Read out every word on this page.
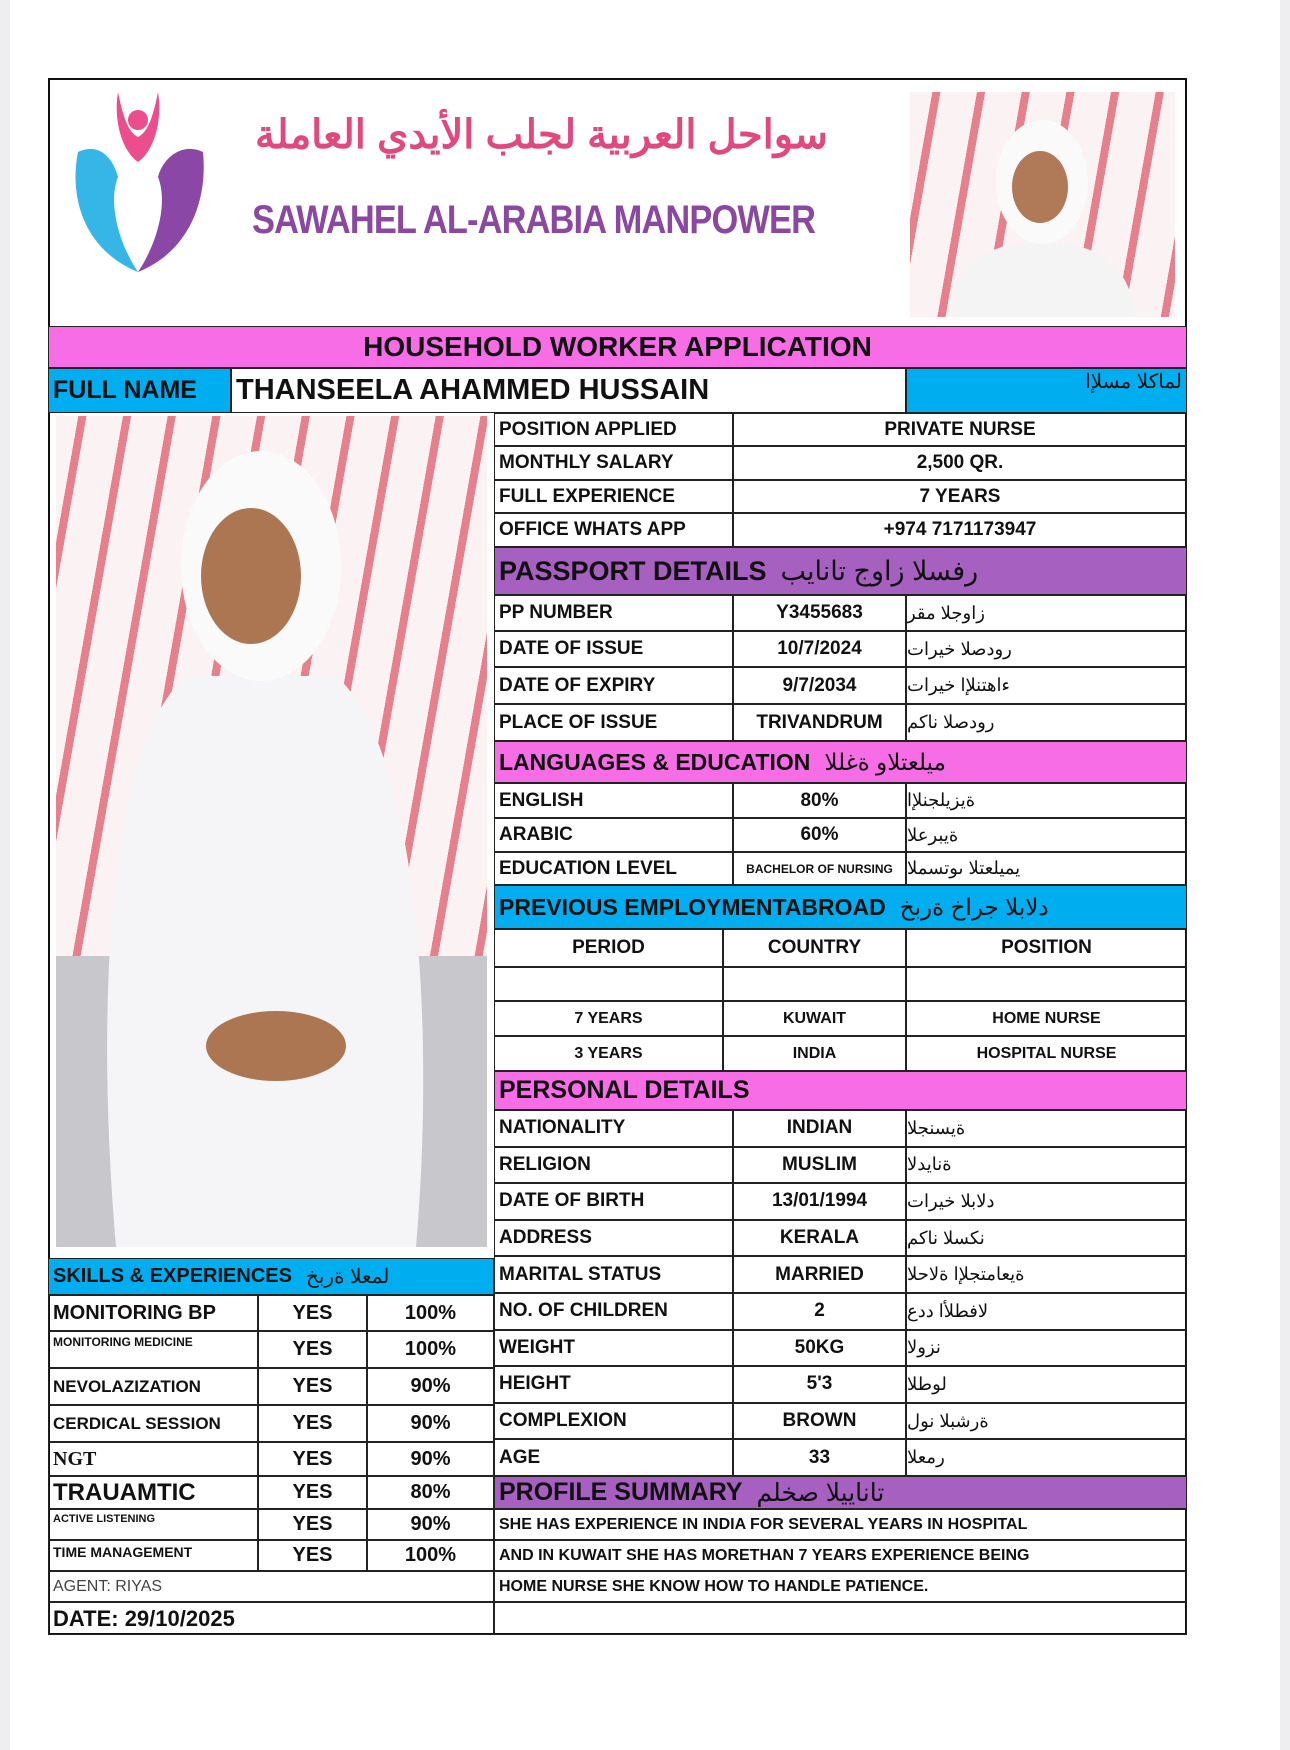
سواحل العربية لجلب الأيدي العاملة
SAWAHEL AL-ARABIA MANPOWER
HOUSEHOLD WORKER APPLICATION
FULL NAME THANSEELA AHAMMED HUSSAIN	لماكلا مسلإا
POSITION APPLIED	PRIVATE NURSE
MONTHLY SALARY	2,500 QR.
FULL EXPERIENCE	7 YEARS
OFFICE WHATS APP	+974 7171173947
PASSPORT DETAILS رفسلا زاوج تانايب
PP NUMBER	Y3455683 زاوجلا مقر
DATE OF ISSUE	10/7/2024	رودصلا خيرات
DATE OF EXPIRY	9/7/2034	ءاهتنلإا خيرات
PLACE OF ISSUE	TRIVANDRUM رودصلا ناكم
LANGUAGES & EDUCATION ميلعتلاو ةغللا
ENGLISH	80%	ةيزيلجنلإا
ARABIC	60%	ةيبرعلا
EDUCATION LEVEL	BACHELOR OF NURSING يميلعتلا ىوتسملا
PREVIOUS EMPLOYMENTABROAD دلابلا جراخ ةربخ
PERIOD	COUNTRY	POSITION
7 YEARS	KUWAIT	HOME NURSE
3 YEARS	INDIA	HOSPITAL NURSE
PERSONAL DETAILS
NATIONALITY	INDIAN	ةيسنجلا
RELIGION	MUSLIM	ةنايدلا
DATE OF BIRTH	13/01/1994 دلابلا خيرات
ADDRESS	KERALA	نكسلا ناكم
MARITAL STATUS	MARRIED ةيعامتجلإا ةلاحلا
NO. OF CHILDREN	2	لافطلأا ددع
WEIGHT	50KG	نزولا
HEIGHT	5'3	لوطلا
COMPLEXION	BROWN	ةرشبلا نول
AGE	33	رمعلا
PROFILE SUMMARY تاناييلا صخلم
SHE HAS EXPERIENCE IN INDIA FOR SEVERAL YEARS IN HOSPITAL
AND IN KUWAIT SHE HAS MORETHAN 7 YEARS EXPERIENCE BEING
HOME NURSE SHE KNOW HOW TO HANDLE PATIENCE.
SKILLS & EXPERIENCES لمعلا ةربخ
MONITORING BP	YES	100%
MONITORING MEDICINE	YES	100%
NEVOLAZIZATION	YES	90%
CERDICAL SESSION	YES	90%
NGT	YES	90%
TRAUAMTIC	YES	80%
ACTIVE LISTENING	YES	90%
TIME MANAGEMENT	YES	100%
AGENT: RIYAS
DATE: 29/10/2025
